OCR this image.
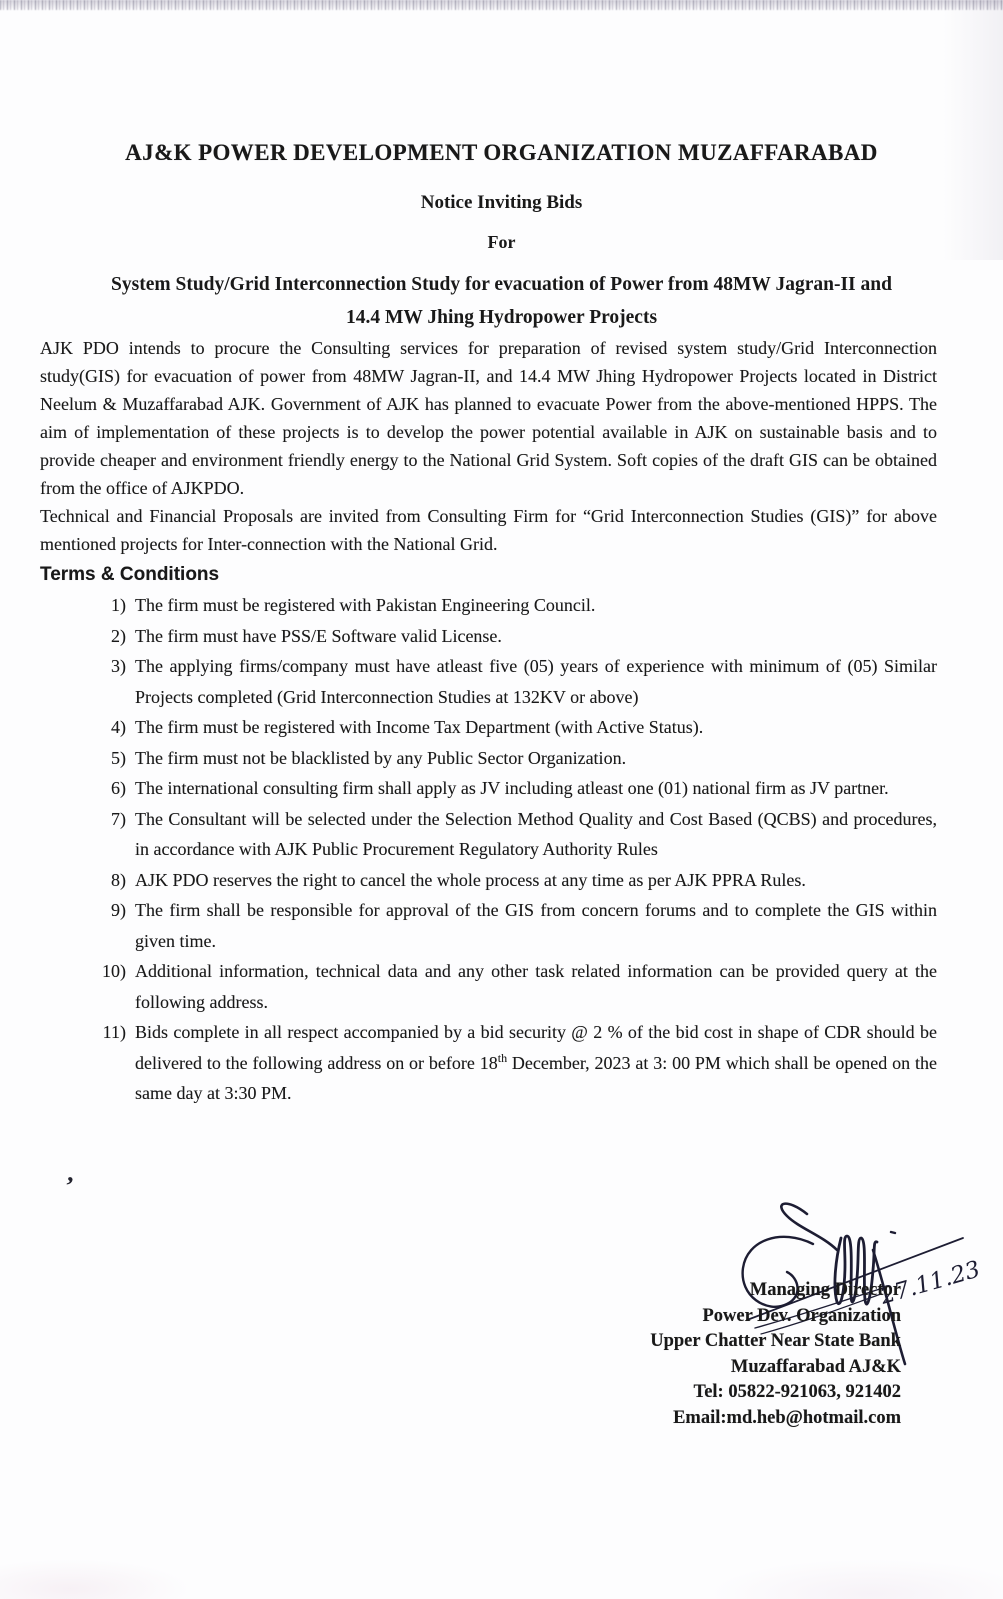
AJ&K POWER DEVELOPMENT ORGANIZATION MUZAFFARABAD
Notice Inviting Bids
For
System Study/Grid Interconnection Study for evacuation of Power from 48MW Jagran-II and
14.4 MW Jhing Hydropower Projects

AJK PDO intends to procure the Consulting services for preparation of revised system study/Grid Interconnection study(GIS) for evacuation of power from 48MW Jagran-II, and 14.4 MW Jhing Hydropower Projects located in District Neelum & Muzaffarabad AJK. Government of AJK has planned to evacuate Power from the above-mentioned HPPS. The aim of implementation of these projects is to develop the power potential available in AJK on sustainable basis and to provide cheaper and environment friendly energy to the National Grid System. Soft copies of the draft GIS can be obtained from the office of AJKPDO.

Technical and Financial Proposals are invited from Consulting Firm for “Grid Interconnection Studies (GIS)” for above mentioned projects for Inter-connection with the National Grid.

Terms & Conditions
1) The firm must be registered with Pakistan Engineering Council.
2) The firm must have PSS/E Software valid License.
3) The applying firms/company must have atleast five (05) years of experience with minimum of (05) Similar Projects completed (Grid Interconnection Studies at 132KV or above)
4) The firm must be registered with Income Tax Department (with Active Status).
5) The firm must not be blacklisted by any Public Sector Organization.
6) The international consulting firm shall apply as JV including atleast one (01) national firm as JV partner.
7) The Consultant will be selected under the Selection Method Quality and Cost Based (QCBS) and procedures, in accordance with AJK Public Procurement Regulatory Authority Rules
8) AJK PDO reserves the right to cancel the whole process at any time as per AJK PPRA Rules.
9) The firm shall be responsible for approval of the GIS from concern forums and to complete the GIS within given time.
10) Additional information, technical data and any other task related information can be provided query at the following address.
11) Bids complete in all respect accompanied by a bid security @ 2 % of the bid cost in shape of CDR should be delivered to the following address on or before 18th December, 2023 at 3: 00 PM which shall be opened on the same day at 3:30 PM.
,
27.11.23
Managing Director
Power Dev. Organization
Upper Chatter Near State Bank
Muzaffarabad AJ&K
Tel: 05822-921063, 921402
Email:md.heb@hotmail.com
